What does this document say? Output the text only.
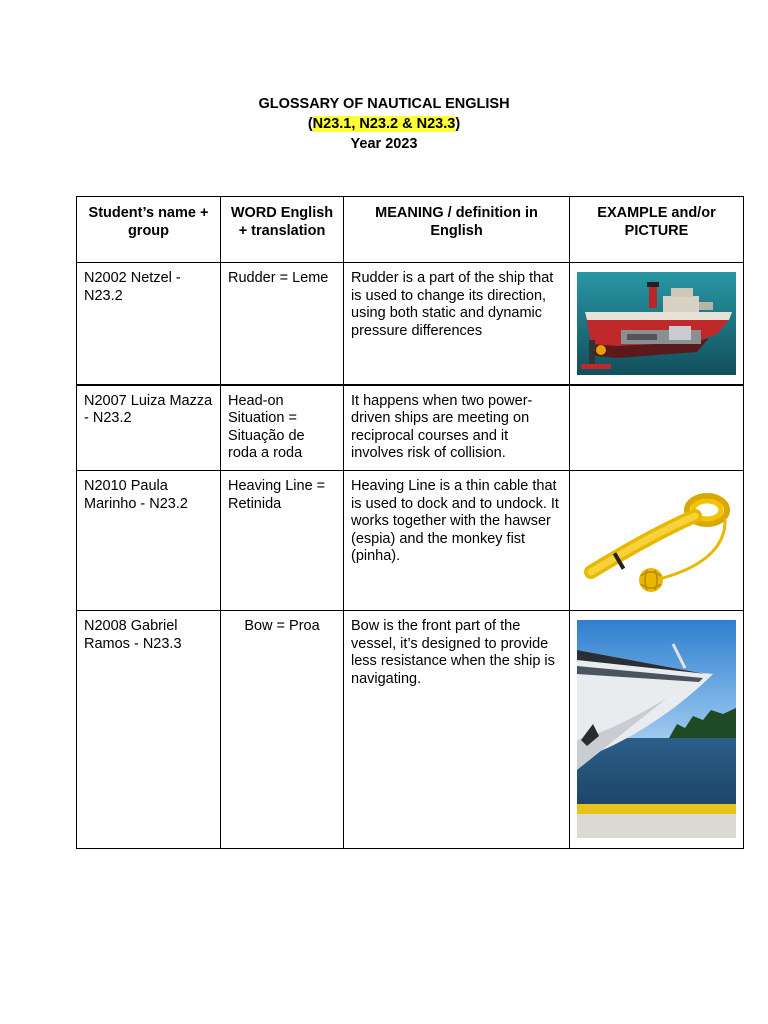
GLOSSARY OF NAUTICAL ENGLISH
(N23.1, N23.2 & N23.3)
Year 2023
Student’s name + group	WORD English + translation	MEANING / definition in English	EXAMPLE and/or PICTURE
N2002 Netzel - N23.2	Rudder = Leme	Rudder is a part of the ship that is used to change its direction, using both static and dynamic pressure differences	

N2007 Luiza Mazza - N23.2	Head-on Situation = Situação de roda a roda	It happens when two power-driven ships are meeting on reciprocal courses and it involves risk of collision.	
N2010 Paula Marinho - N23.2	Heaving Line = Retinida	Heaving Line is a thin cable that is used to dock and to undock. It works together with the hawser (espia) and the monkey fist (pinha).	

N2008 Gabriel Ramos - N23.3	Bow = Proa	Bow is the front part of the vessel, it’s designed to provide less resistance when the ship is navigating.	
